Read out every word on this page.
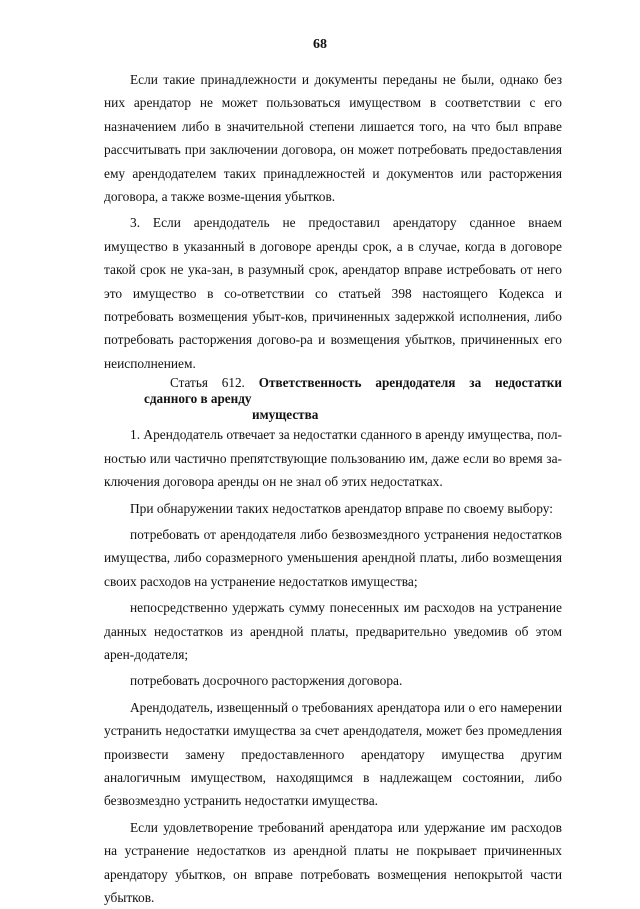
68

Если такие принадлежности и документы переданы не были, однако без них арендатор не может пользоваться имуществом в соответствии с его назначением либо в значительной степени лишается того, на что был вправе рассчитывать при заключении договора, он может потребовать предоставления ему арендодателем таких принадлежностей и документов или расторжения договора, а также возме-щения убытков.

3. Если арендодатель не предоставил арендатору сданное внаем имущество в указанный в договоре аренды срок, а в случае, когда в договоре такой срок не ука-зан, в разумный срок, арендатор вправе истребовать от него это имущество в со-ответствии со статьей 398 настоящего Кодекса и потребовать возмещения убыт-ков, причиненных задержкой исполнения, либо потребовать расторжения догово-ра и возмещения убытков, причиненных его неисполнением.

Статья 612. Ответственность арендодателя за недостатки сданного в аренду
имущества

1. Арендодатель отвечает за недостатки сданного в аренду имущества, пол-ностью или частично препятствующие пользованию им, даже если во время за-ключения договора аренды он не знал об этих недостатках.

При обнаружении таких недостатков арендатор вправе по своему выбору:

потребовать от арендодателя либо безвозмездного устранения недостатков имущества, либо соразмерного уменьшения арендной платы, либо возмещения своих расходов на устранение недостатков имущества;

непосредственно удержать сумму понесенных им расходов на устранение данных недостатков из арендной платы, предварительно уведомив об этом арен-додателя;

потребовать досрочного расторжения договора.

Арендодатель, извещенный о требованиях арендатора или о его намерении устранить недостатки имущества за счет арендодателя, может без промедления произвести замену предоставленного арендатору имущества другим аналогичным имуществом, находящимся в надлежащем состоянии, либо безвозмездно устранить недостатки имущества.

Если удовлетворение требований арендатора или удержание им расходов на устранение недостатков из арендной платы не покрывает причиненных арендатору убытков, он вправе потребовать возмещения непокрытой части убытков.
